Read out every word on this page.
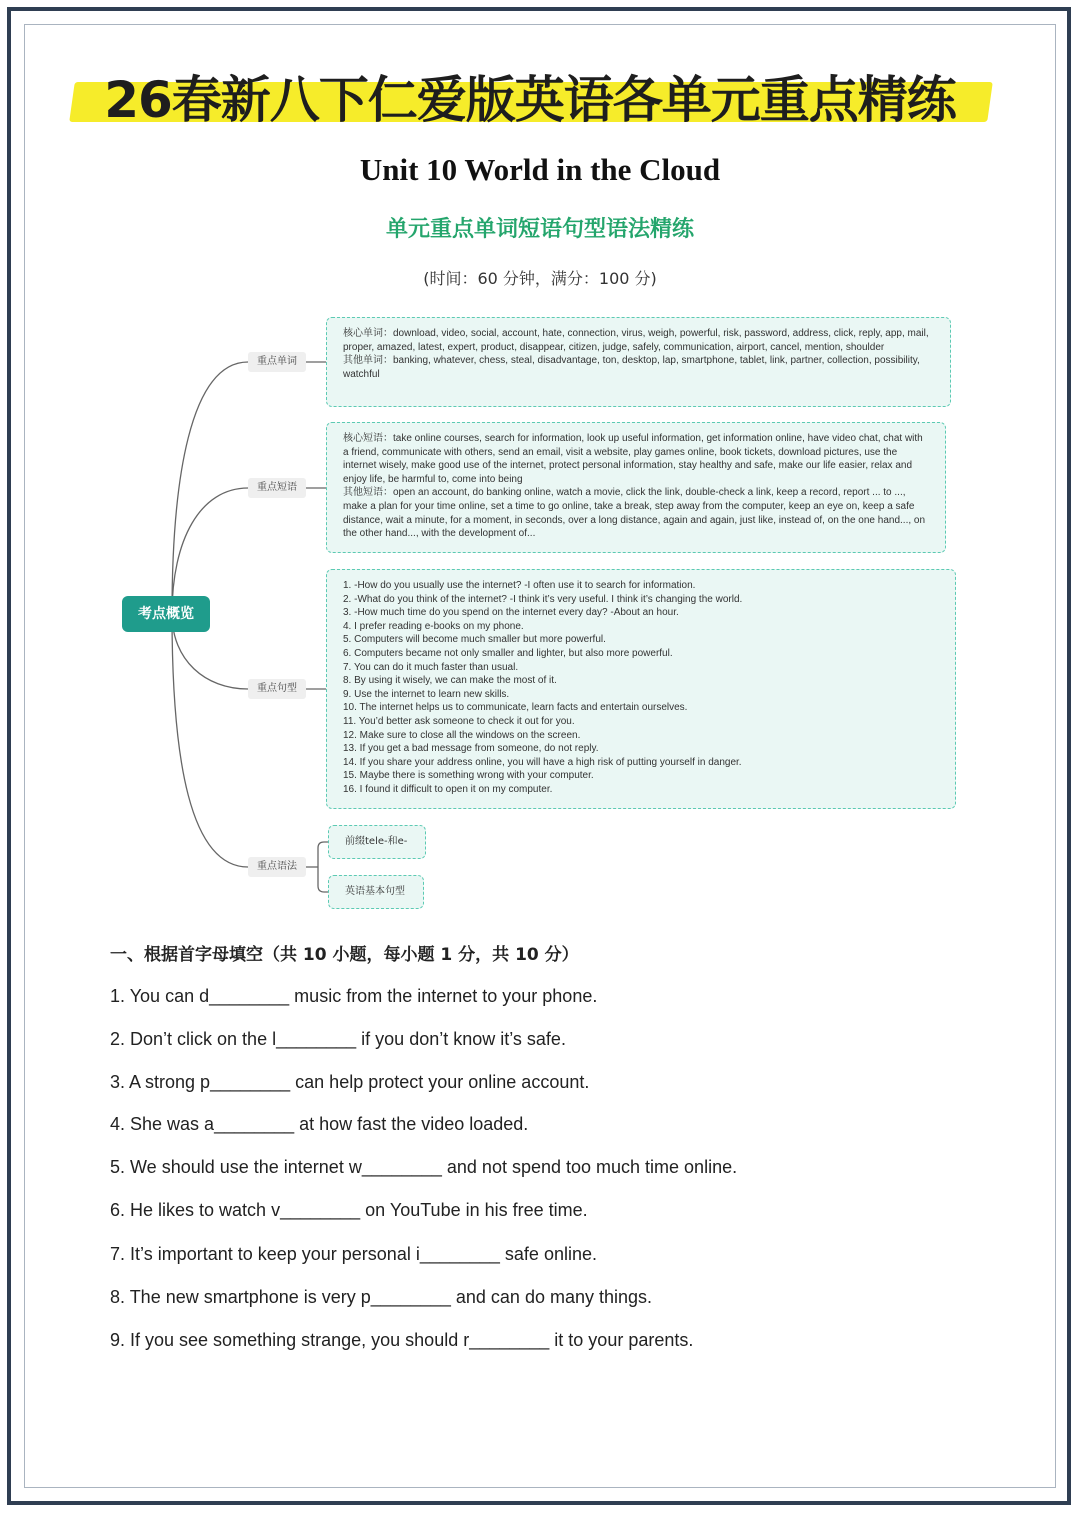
26春新八下仁爱版英语各单元重点精练
Unit 10 World in the Cloud
单元重点单词短语句型语法精练
(时间：60 分钟，满分：100 分)
考点概览
重点单词
重点短语
重点句型
重点语法

核心单词：download, video, social, account, hate, connection, virus, weigh, powerful, risk, password, address, click, reply, app, mail, proper, amazed, latest, expert, product, disappear, citizen, judge, safely, communication, airport, cancel, mention, shoulder

其他单词：banking, whatever, chess, steal, disadvantage, ton, desktop, lap, smartphone, tablet, link, partner, collection, possibility, watchful

核心短语：take online courses, search for information, look up useful information, get information online, have video chat, chat with a friend, communicate with others, send an email, visit a website, play games online, book tickets, download pictures, use the internet wisely, make good use of the internet, protect personal information, stay healthy and safe, make our life easier, relax and enjoy life, be harmful to, come into being

其他短语：open an account, do banking online, watch a movie, click the link, double-check a link, keep a record, report ... to ..., make a plan for your time online, set a time to go online, take a break, step away from the computer, keep an eye on, keep a safe distance, wait a minute, for a moment, in seconds, over a long distance, again and again, just like, instead of, on the one hand..., on the other hand..., with the development of...

1. -How do you usually use the internet? -I often use it to search for information.

2. -What do you think of the internet? -I think it’s very useful. I think it’s changing the world.

3. -How much time do you spend on the internet every day? -About an hour.

4. I prefer reading e-books on my phone.

5. Computers will become much smaller but more powerful.

6. Computers became not only smaller and lighter, but also more powerful.

7. You can do it much faster than usual.

8. By using it wisely, we can make the most of it.

9. Use the internet to learn new skills.

10. The internet helps us to communicate, learn facts and entertain ourselves.

11. You’d better ask someone to check it out for you.

12. Make sure to close all the windows on the screen.

13. If you get a bad message from someone, do not reply.

14. If you share your address online, you will have a high risk of putting yourself in danger.

15. Maybe there is something wrong with your computer.

16. I found it difficult to open it on my computer.

前缀tele-和e-
英语基本句型
一、根据首字母填空（共 10 小题，每小题 1 分，共 10 分）
1. You can d________ music from the internet to your phone.
2. Don’t click on the l________ if you don’t know it’s safe.
3. A strong p________ can help protect your online account.
4. She was a________ at how fast the video loaded.
5. We should use the internet w________ and not spend too much time online.
6. He likes to watch v________ on YouTube in his free time.
7. It’s important to keep your personal i________ safe online.
8. The new smartphone is very p________ and can do many things.
9. If you see something strange, you should r________ it to your parents.
